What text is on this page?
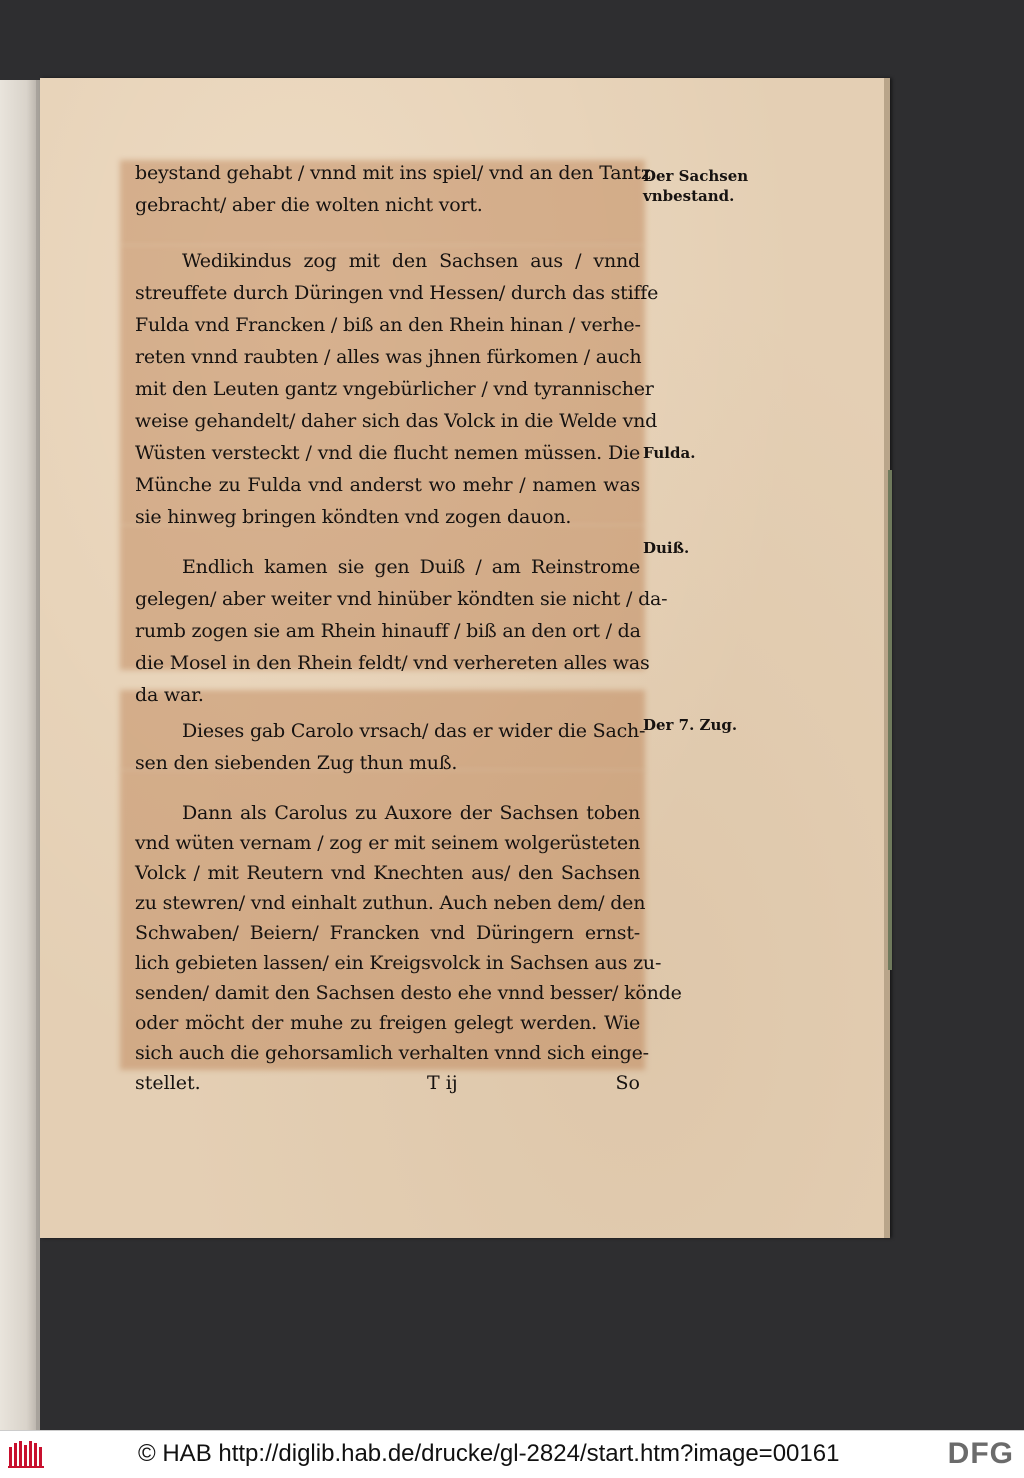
beystand gehabt / vnnd mit ins spiel/ vnd an den Tantz
gebracht/ aber die wolten nicht vort.
Wedikindus zog mit den Sachsen aus / vnnd
streuffete durch Düringen vnd Hessen/ durch das stiffe
Fulda vnd Francken / biß an den Rhein hinan / verhe-
reten vnnd raubten / alles was jhnen fürkomen / auch
mit den Leuten gantz vngebürlicher / vnd tyrannischer
weise gehandelt/ daher sich das Volck in die Welde vnd
Wüsten versteckt / vnd die flucht nemen müssen. Die
Münche zu Fulda vnd anderst wo mehr / namen was
sie hinweg bringen köndten vnd zogen dauon.
Endlich kamen sie gen Duiß / am Reinstrome
gelegen/ aber weiter vnd hinüber köndten sie nicht / da-
rumb zogen sie am Rhein hinauff / biß an den ort / da
die Mosel in den Rhein feldt/ vnd verhereten alles was
da war.
Dieses gab Carolo vrsach/ das er wider die Sach-
sen den siebenden Zug thun muß.
Dann als Carolus zu Auxore der Sachsen toben
vnd wüten vernam / zog er mit seinem wolgerüsteten
Volck / mit Reutern vnd Knechten aus/ den Sachsen
zu stewren/ vnd einhalt zuthun. Auch neben dem/ den
Schwaben/ Beiern/ Francken vnd Düringern ernst-
lich gebieten lassen/ ein Kreigsvolck in Sachsen aus zu-
senden/ damit den Sachsen desto ehe vnnd besser/ könde
oder möcht der muhe zu freigen gelegt werden. Wie
sich auch die gehorsamlich verhalten vnnd sich einge-
stellet.	T ij	So
Der Sachsen
vnbestand.
Fulda.
Duiß.
Der 7. Zug.
© HAB http://diglib.hab.de/drucke/gl-2824/start.htm?image=00161	DFG
